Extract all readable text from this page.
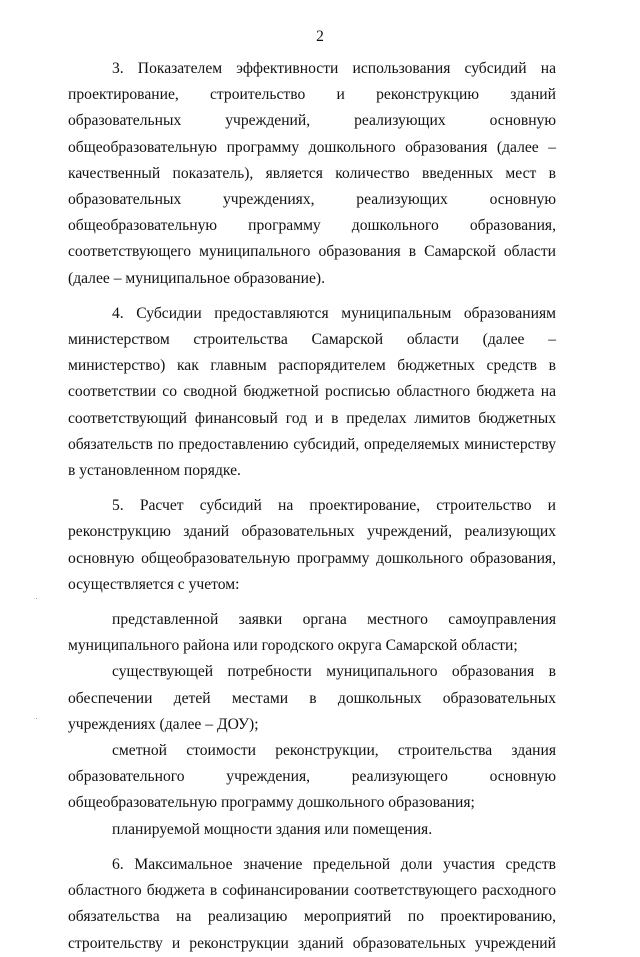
2

3. Показателем эффективности использования субсидий на проектирование, строительство и реконструкцию зданий образовательных учреждений, реализующих основную общеобразовательную программу дошкольного образования (далее – качественный показатель), является количество введенных мест в образовательных учреждениях, реализующих основную общеобразовательную программу дошкольного образования, соответствующего муниципального образования в Самарской области (далее – муниципальное образование).

4. Субсидии предоставляются муниципальным образованиям министерством строительства Самарской области (далее – министерство) как главным распорядителем бюджетных средств в соответствии со сводной бюджетной росписью областного бюджета на соответствующий финансовый год и в пределах лимитов бюджетных обязательств по предоставлению субсидий, определяемых министерству в установленном порядке.

5. Расчет субсидий на проектирование, строительство и реконструкцию зданий образовательных учреждений, реализующих основную общеобразовательную программу дошкольного образования, осуществляется с учетом:

представленной заявки органа местного самоуправления муниципального района или городского округа Самарской области;

существующей потребности муниципального образования в обеспечении детей местами в дошкольных образовательных учреждениях (далее – ДОУ);

сметной стоимости реконструкции, строительства здания образовательного учреждения, реализующего основную общеобразовательную программу дошкольного образования;

планируемой мощности здания или помещения.

6. Максимальное значение предельной доли участия средств областного бюджета в софинансировании соответствующего расходного обязательства на реализацию мероприятий по проектированию, строительству и реконструкции зданий образовательных учреждений
